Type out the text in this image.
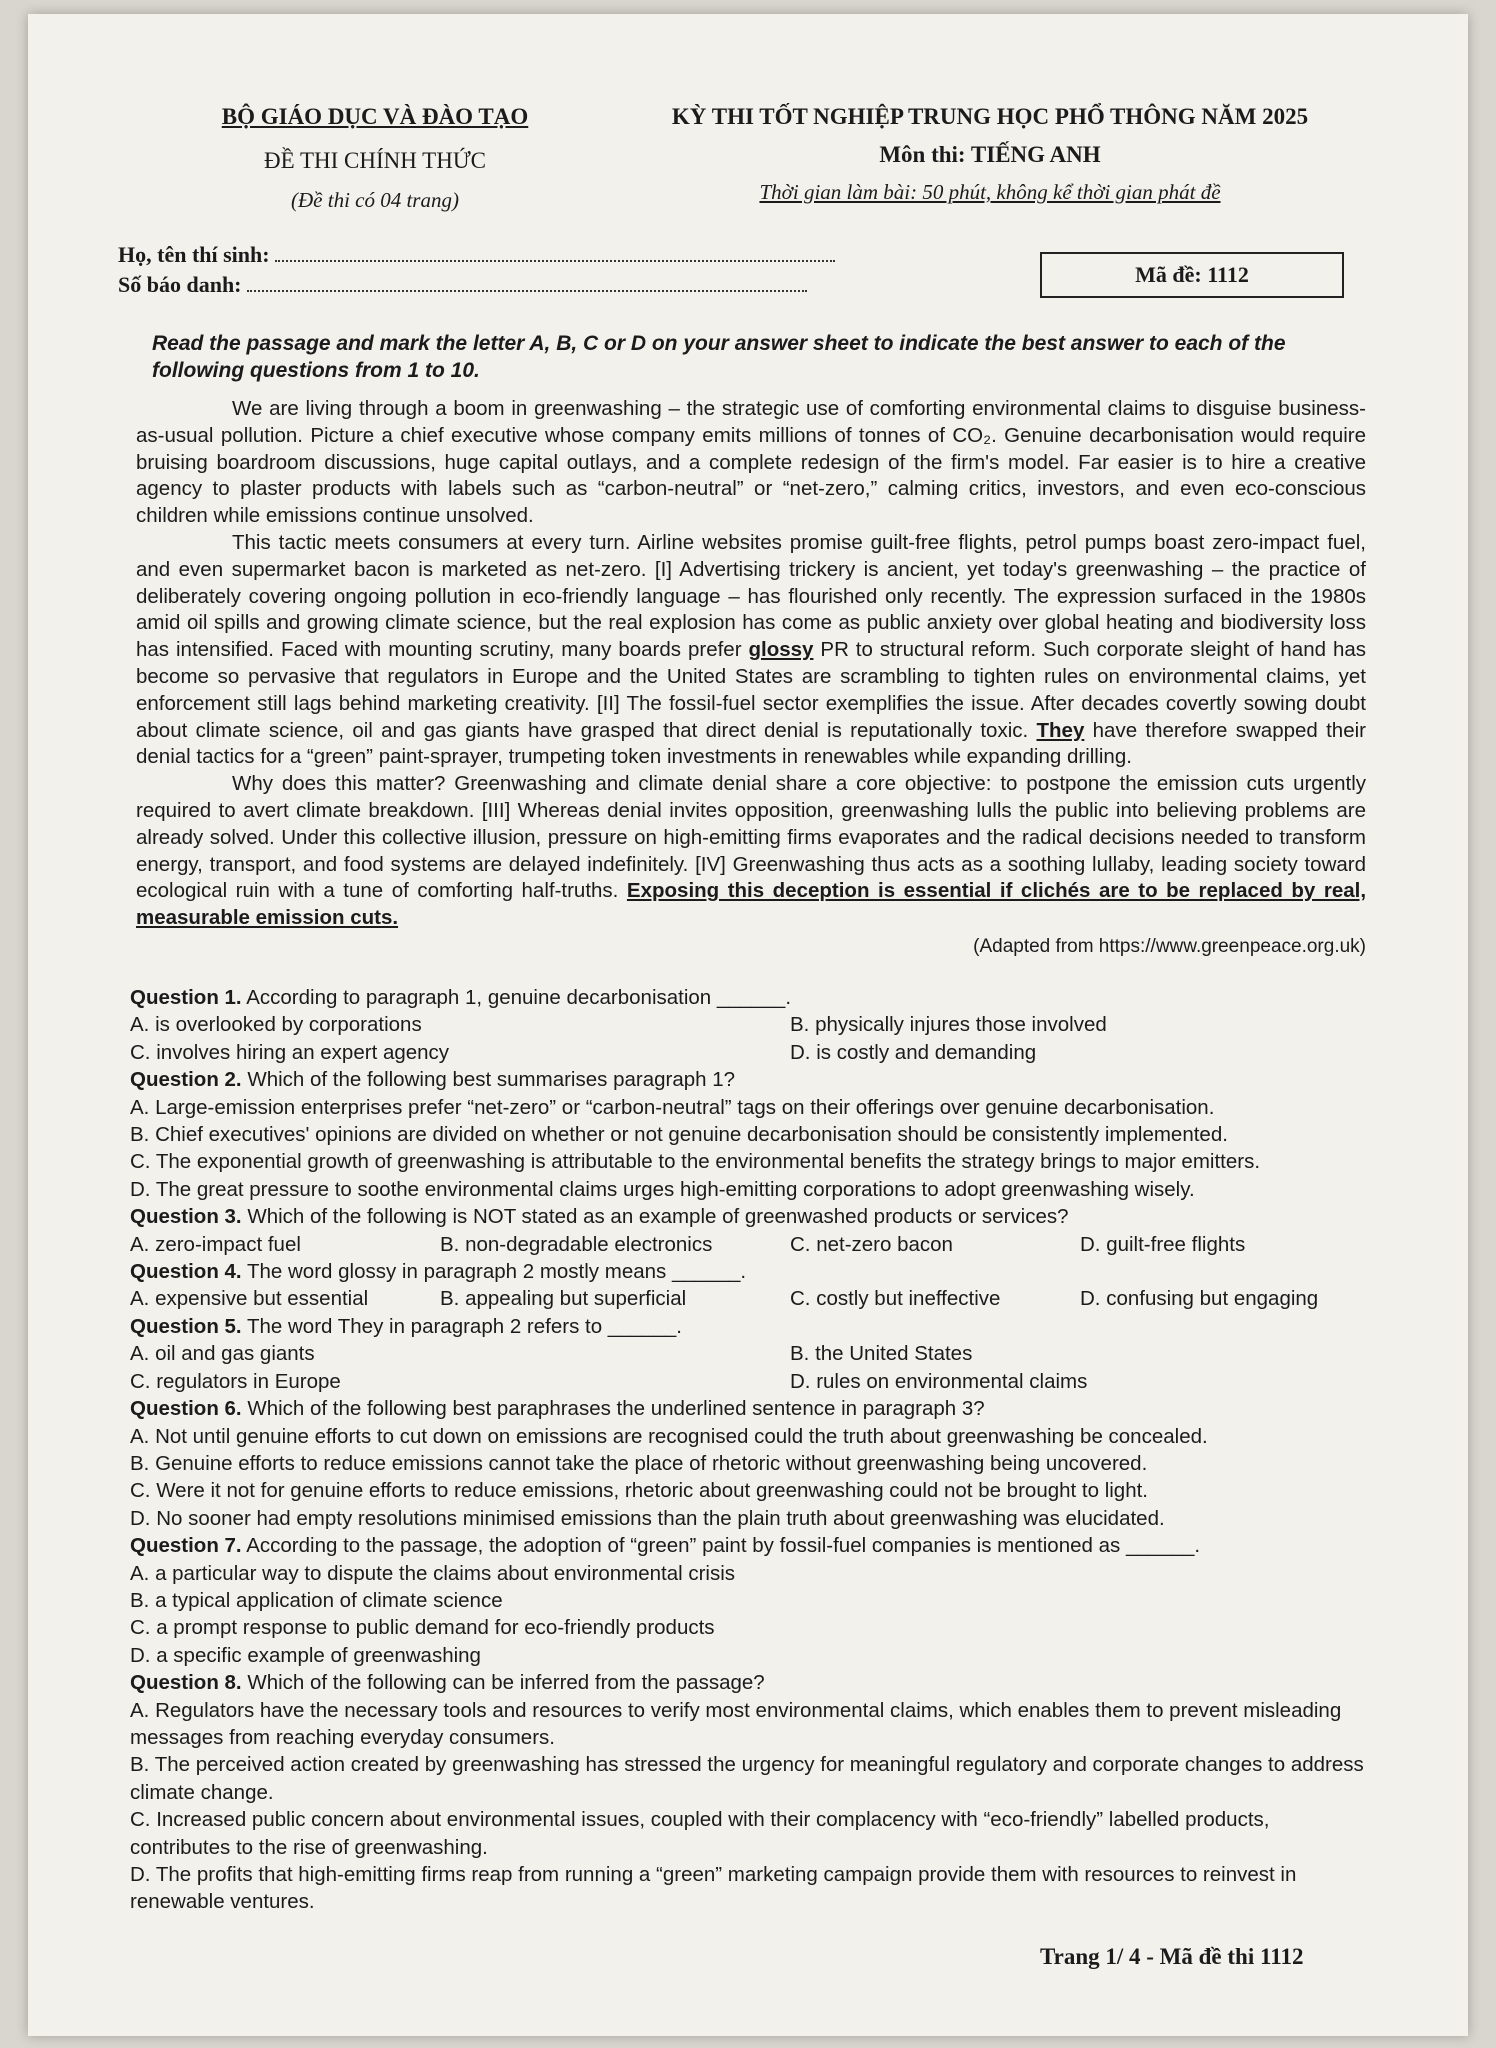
BỘ GIÁO DỤC VÀ ĐÀO TẠO
ĐỀ THI CHÍNH THỨC
(Đề thi có 04 trang)
KỲ THI TỐT NGHIỆP TRUNG HỌC PHỔ THÔNG NĂM 2025
Môn thi: TIẾNG ANH
Thời gian làm bài: 50 phút, không kể thời gian phát đề
Họ, tên thí sinh:
Số báo danh:	Mã đề: 1112
Read the passage and mark the letter A, B, C or D on your answer sheet to indicate the best answer to each of the following questions from 1 to 10.

We are living through a boom in greenwashing – the strategic use of comforting environmental claims to disguise business-as-usual pollution. Picture a chief executive whose company emits millions of tonnes of CO₂. Genuine decarbonisation would require bruising boardroom discussions, huge capital outlays, and a complete redesign of the firm's model. Far easier is to hire a creative agency to plaster products with labels such as “carbon-neutral” or “net-zero,” calming critics, investors, and even eco-conscious children while emissions continue unsolved.

This tactic meets consumers at every turn. Airline websites promise guilt-free flights, petrol pumps boast zero-impact fuel, and even supermarket bacon is marketed as net-zero. [I] Advertising trickery is ancient, yet today's greenwashing – the practice of deliberately covering ongoing pollution in eco-friendly language – has flourished only recently. The expression surfaced in the 1980s amid oil spills and growing climate science, but the real explosion has come as public anxiety over global heating and biodiversity loss has intensified. Faced with mounting scrutiny, many boards prefer glossy PR to structural reform. Such corporate sleight of hand has become so pervasive that regulators in Europe and the United States are scrambling to tighten rules on environmental claims, yet enforcement still lags behind marketing creativity. [II] The fossil-fuel sector exemplifies the issue. After decades covertly sowing doubt about climate science, oil and gas giants have grasped that direct denial is reputationally toxic. They have therefore swapped their denial tactics for a “green” paint-sprayer, trumpeting token investments in renewables while expanding drilling.

Why does this matter? Greenwashing and climate denial share a core objective: to postpone the emission cuts urgently required to avert climate breakdown. [III] Whereas denial invites opposition, greenwashing lulls the public into believing problems are already solved. Under this collective illusion, pressure on high-emitting firms evaporates and the radical decisions needed to transform energy, transport, and food systems are delayed indefinitely. [IV] Greenwashing thus acts as a soothing lullaby, leading society toward ecological ruin with a tune of comforting half-truths. Exposing this deception is essential if clichés are to be replaced by real, measurable emission cuts.

(Adapted from https://www.greenpeace.org.uk)
Question 1. According to paragraph 1, genuine decarbonisation ______.
A. is overlooked by corporations	B. physically injures those involved
C. involves hiring an expert agency	D. is costly and demanding
Question 2. Which of the following best summarises paragraph 1?
A. Large-emission enterprises prefer “net-zero” or “carbon-neutral” tags on their offerings over genuine decarbonisation.
B. Chief executives' opinions are divided on whether or not genuine decarbonisation should be consistently implemented.
C. The exponential growth of greenwashing is attributable to the environmental benefits the strategy brings to major emitters.
D. The great pressure to soothe environmental claims urges high-emitting corporations to adopt greenwashing wisely.
Question 3. Which of the following is NOT stated as an example of greenwashed products or services?
A. zero-impact fuel	B. non-degradable electronics	C. net-zero bacon	D. guilt-free flights
Question 4. The word glossy in paragraph 2 mostly means ______.
A. expensive but essential	B. appealing but superficial	C. costly but ineffective	D. confusing but engaging
Question 5. The word They in paragraph 2 refers to ______.
A. oil and gas giants	B. the United States
C. regulators in Europe	D. rules on environmental claims
Question 6. Which of the following best paraphrases the underlined sentence in paragraph 3?
A. Not until genuine efforts to cut down on emissions are recognised could the truth about greenwashing be concealed.
B. Genuine efforts to reduce emissions cannot take the place of rhetoric without greenwashing being uncovered.
C. Were it not for genuine efforts to reduce emissions, rhetoric about greenwashing could not be brought to light.
D. No sooner had empty resolutions minimised emissions than the plain truth about greenwashing was elucidated.
Question 7. According to the passage, the adoption of “green” paint by fossil-fuel companies is mentioned as ______.
A. a particular way to dispute the claims about environmental crisis
B. a typical application of climate science
C. a prompt response to public demand for eco-friendly products
D. a specific example of greenwashing
Question 8. Which of the following can be inferred from the passage?
A. Regulators have the necessary tools and resources to verify most environmental claims, which enables them to prevent misleading messages from reaching everyday consumers.
B. The perceived action created by greenwashing has stressed the urgency for meaningful regulatory and corporate changes to address climate change.
C. Increased public concern about environmental issues, coupled with their complacency with “eco-friendly” labelled products, contributes to the rise of greenwashing.
D. The profits that high-emitting firms reap from running a “green” marketing campaign provide them with resources to reinvest in renewable ventures.
Trang 1/ 4 - Mã đề thi 1112
